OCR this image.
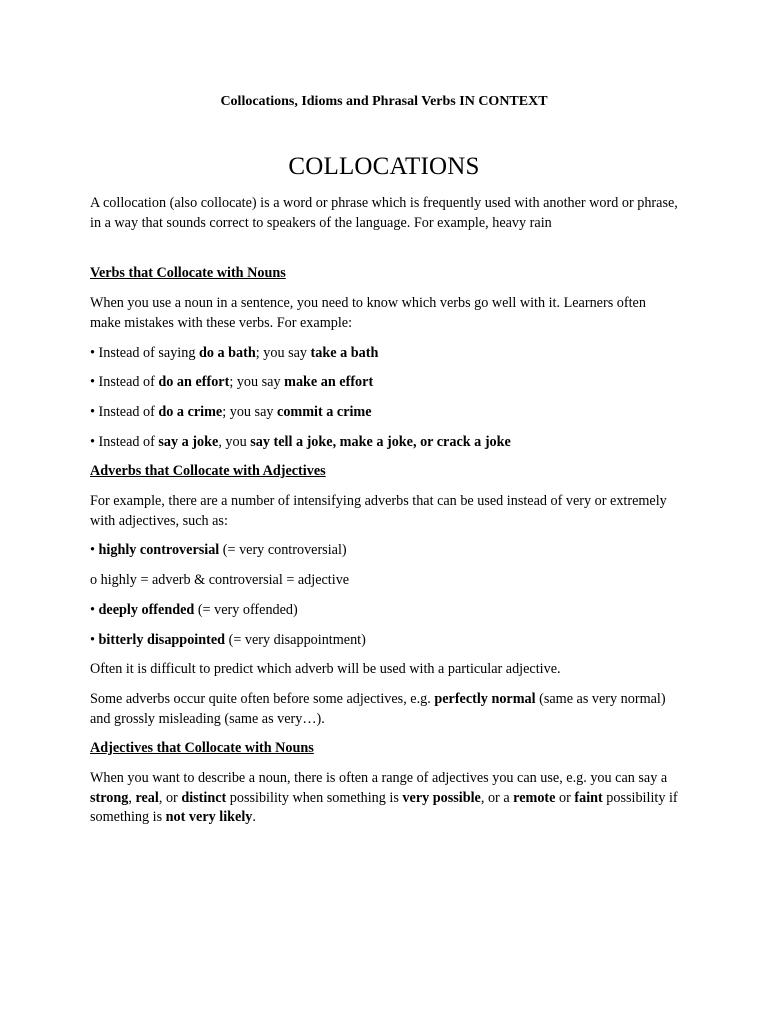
Collocations, Idioms and Phrasal Verbs IN CONTEXT
COLLOCATIONS

A collocation (also collocate) is a word or phrase which is frequently used with another word or phrase, in a way that sounds correct to speakers of the language. For example, heavy rain

Verbs that Collocate with Nouns

When you use a noun in a sentence, you need to know which verbs go well with it. Learners often make mistakes with these verbs. For example:

• Instead of saying do a bath; you say take a bath

• Instead of do an effort; you say make an effort

• Instead of do a crime; you say commit a crime

• Instead of say a joke, you say tell a joke, make a joke, or crack a joke

Adverbs that Collocate with Adjectives

For example, there are a number of intensifying adverbs that can be used instead of very or extremely with adjectives, such as:

• highly controversial (= very controversial)

o highly = adverb & controversial = adjective

• deeply offended (= very offended)

• bitterly disappointed (= very disappointment)

Often it is difficult to predict which adverb will be used with a particular adjective.

Some adverbs occur quite often before some adjectives, e.g. perfectly normal (same as very normal) and grossly misleading (same as very…).

Adjectives that Collocate with Nouns

When you want to describe a noun, there is often a range of adjectives you can use, e.g. you can say a strong, real, or distinct possibility when something is very possible, or a remote or faint possibility if something is not very likely.
